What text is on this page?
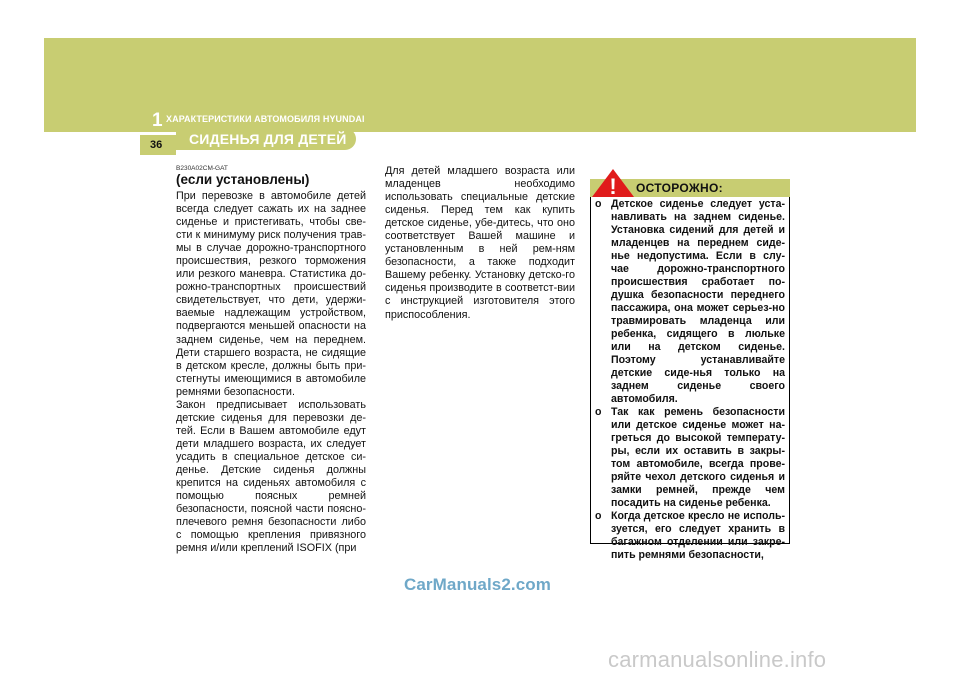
1 ХАРАКТЕРИСТИКИ АВТОМОБИЛЯ HYUNDAI
36 СИДЕНЬЯ ДЛЯ ДЕТЕЙ
B230A02CM-GAT
(если установлены)

При перевозке в автомобиле детей всегда следует сажать их на заднее сиденье и пристегивать, чтобы све-сти к минимуму риск получения трав-мы в случае дорожно-транспортного происшествия, резкого торможения или резкого маневра. Статистика до-рожно-транспортных происшествий свидетельствует, что дети, удержи-ваемые надлежащим устройством, подвергаются меньшей опасности на заднем сиденье, чем на переднем. Дети старшего возраста, не сидящие в детском кресле, должны быть при-стегнуты имеющимися в автомобиле ремнями безопасности.

Закон предписывает использовать детские сиденья для перевозки де-тей. Если в Вашем автомобиле едут дети младшего возраста, их следует усадить в специальное детское си-денье. Детские сиденья должны крепится на сиденьях автомобиля с помощью поясных ремней безопасности, поясной части поясно-плечевого ремня безопасности либо с помощью крепления привязного ремня и/или креплений ISOFIX (при

Для детей младшего возраста или младенцев необходимо использовать специальные детские сиденья. Перед тем как купить детское сиденье, убе-дитесь, что оно соответствует Вашей машине и установленным в ней рем-ням безопасности, а также подходит Вашему ребенку. Установку детско-го сиденья производите в соответст-вии с инструкцией изготовителя этого приспособления.

! ОСТОРОЖНО:
o Детское сиденье следует уста-навливать на заднем сиденье. Установка сидений для детей и младенцев на переднем сиде-нье недопустима. Если в слу-чае дорожно-транспортного происшествия сработает по-душка безопасности переднего пассажира, она может серьез-но травмировать младенца или ребенка, сидящего в люльке или на детском сиденье. Поэтому устанавливайте детские сиде-нья только на заднем сиденье своего автомобиля.
o Так как ремень безопасности или детское сиденье может на-греться до высокой температу-ры, если их оставить в закры-том автомобиле, всегда прове-ряйте чехол детского сиденья и замки ремней, прежде чем посадить на сиденье ребенка.
o Когда детское кресло не исполь-зуется, его следует хранить в багажном отделении или закре-пить ремнями безопасности,
CarManuals2.com
carmanualsonline.info
